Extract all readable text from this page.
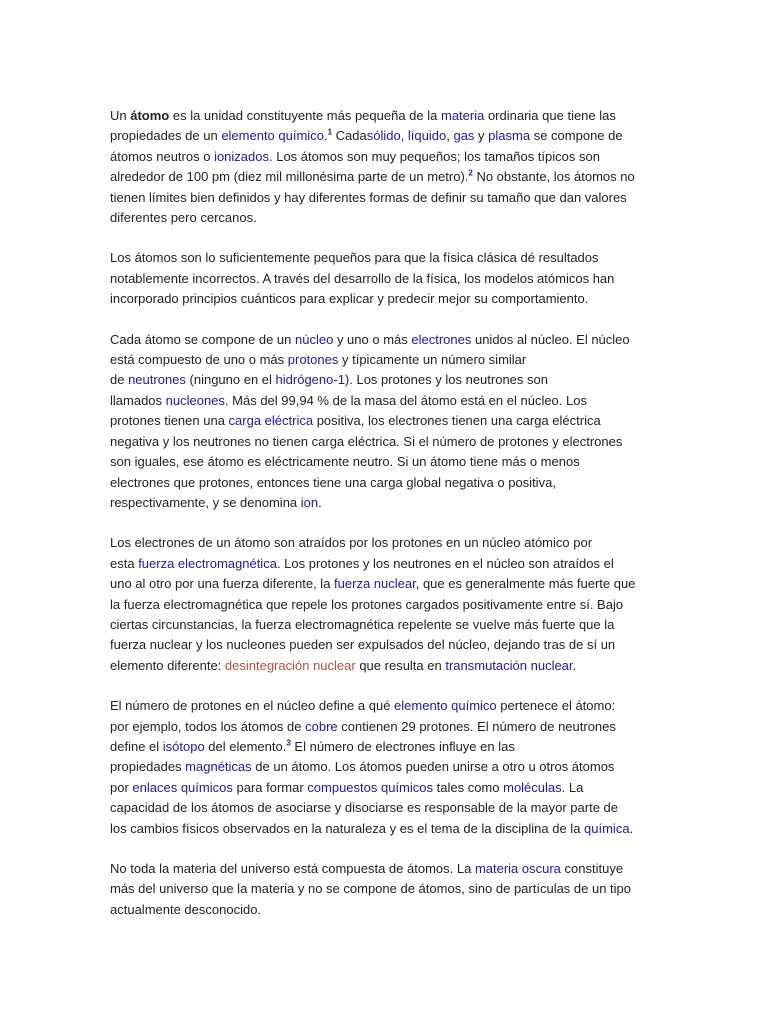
Un átomo es la unidad constituyente más pequeña de la materia ordinaria que tiene las
propiedades de un elemento químico.$^1$ Cadasólido, líquido, gas y plasma se compone de
átomos neutros o ionizados. Los átomos son muy pequeños; los tamaños típicos son
alrededor de 100 pm (diez mil millonésima parte de un metro).$^2$ No obstante, los átomos no
tienen límites bien definidos y hay diferentes formas de definir su tamaño que dan valores
diferentes pero cercanos.

Los átomos son lo suficientemente pequeños para que la física clásica dé resultados
notablemente incorrectos. A través del desarrollo de la física, los modelos atómicos han
incorporado principios cuánticos para explicar y predecir mejor su comportamiento.

Cada átomo se compone de un núcleo y uno o más electrones unidos al núcleo. El núcleo
está compuesto de uno o más protones y típicamente un número similar
de neutrones (ninguno en el hidrógeno-1). Los protones y los neutrones son
llamados nucleones. Más del 99,94 % de la masa del átomo está en el núcleo. Los
protones tienen una carga eléctrica positiva, los electrones tienen una carga eléctrica
negativa y los neutrones no tienen carga eléctrica. Si el número de protones y electrones
son iguales, ese átomo es eléctricamente neutro. Si un átomo tiene más o menos
electrones que protones, entonces tiene una carga global negativa o positiva,
respectivamente, y se denomina ion.

Los electrones de un átomo son atraídos por los protones en un núcleo atómico por
esta fuerza electromagnética. Los protones y los neutrones en el núcleo son atraídos el
uno al otro por una fuerza diferente, la fuerza nuclear, que es generalmente más fuerte que
la fuerza electromagnética que repele los protones cargados positivamente entre sí. Bajo
ciertas circunstancias, la fuerza electromagnética repelente se vuelve más fuerte que la
fuerza nuclear y los nucleones pueden ser expulsados del núcleo, dejando tras de sí un
elemento diferente: desintegración nuclear que resulta en transmutación nuclear.

El número de protones en el núcleo define a qué elemento químico pertenece el átomo:
por ejemplo, todos los átomos de cobre contienen 29 protones. El número de neutrones
define el isótopo del elemento.$^3$ El número de electrones influye en las
propiedades magnéticas de un átomo. Los átomos pueden unirse a otro u otros átomos
por enlaces químicos para formar compuestos químicos tales como moléculas. La
capacidad de los átomos de asociarse y disociarse es responsable de la mayor parte de
los cambios físicos observados en la naturaleza y es el tema de la disciplina de la química.

No toda la materia del universo está compuesta de átomos. La materia oscura constituye
más del universo que la materia y no se compone de átomos, sino de partículas de un tipo
actualmente desconocido.
